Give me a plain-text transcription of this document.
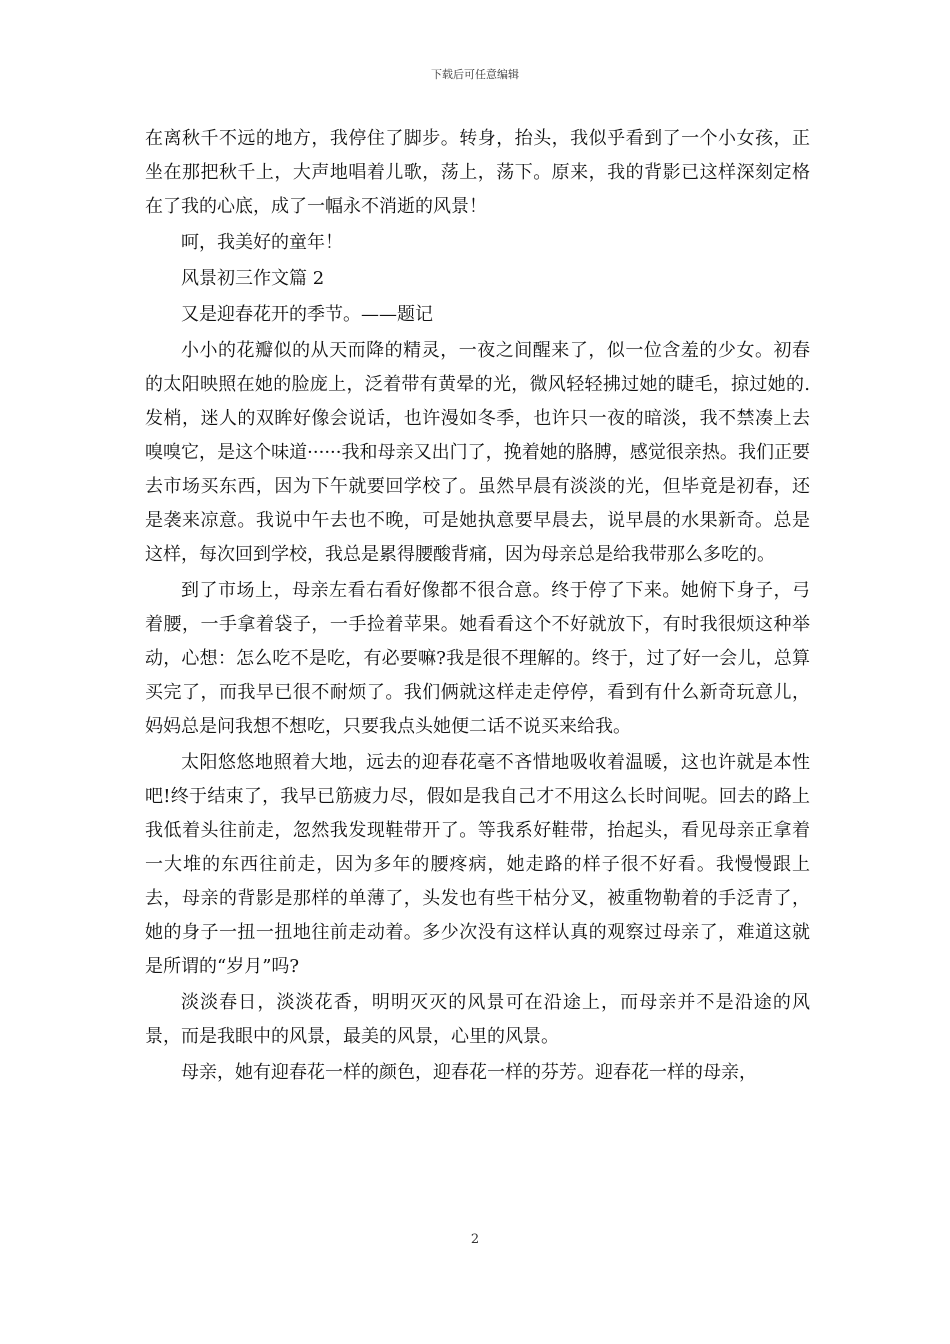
下载后可任意编辑

在离秋千不远的地方，我停住了脚步。转身，抬头，我似乎看到了一个小女孩，正坐在那把秋千上，大声地唱着儿歌，荡上，荡下。原来，我的背影已这样深刻定格在了我的心底，成了一幅永不消逝的风景！

呵，我美好的童年！

风景初三作文篇 2

又是迎春花开的季节。——题记

小小的花瓣似的从天而降的精灵，一夜之间醒来了，似一位含羞的少女。初春的太阳映照在她的脸庞上，泛着带有黄晕的光，微风轻轻拂过她的睫毛，掠过她的.发梢，迷人的双眸好像会说话，也许漫如冬季，也许只一夜的暗淡，我不禁凑上去嗅嗅它，是这个味道······我和母亲又出门了，挽着她的胳膊，感觉很亲热。我们正要去市场买东西，因为下午就要回学校了。虽然早晨有淡淡的光，但毕竟是初春，还是袭来凉意。我说中午去也不晚，可是她执意要早晨去，说早晨的水果新奇。总是这样，每次回到学校，我总是累得腰酸背痛，因为母亲总是给我带那么多吃的。

到了市场上，母亲左看右看好像都不很合意。终于停了下来。她俯下身子，弓着腰，一手拿着袋子，一手捡着苹果。她看看这个不好就放下，有时我很烦这种举动，心想：怎么吃不是吃，有必要嘛?我是很不理解的。终于，过了好一会儿，总算买完了，而我早已很不耐烦了。我们俩就这样走走停停，看到有什么新奇玩意儿，妈妈总是问我想不想吃，只要我点头她便二话不说买来给我。

太阳悠悠地照着大地，远去的迎春花毫不吝惜地吸收着温暖，这也许就是本性吧!终于结束了，我早已筋疲力尽，假如是我自己才不用这么长时间呢。回去的路上我低着头往前走，忽然我发现鞋带开了。等我系好鞋带，抬起头，看见母亲正拿着一大堆的东西往前走，因为多年的腰疼病，她走路的样子很不好看。我慢慢跟上去，母亲的背影是那样的单薄了，头发也有些干枯分叉，被重物勒着的手泛青了，她的身子一扭一扭地往前走动着。多少次没有这样认真的观察过母亲了，难道这就是所谓的“岁月”吗?

淡淡春日，淡淡花香，明明灭灭的风景可在沿途上，而母亲并不是沿途的风景，而是我眼中的风景，最美的风景，心里的风景。

母亲，她有迎春花一样的颜色，迎春花一样的芬芳。迎春花一样的母亲，

2
